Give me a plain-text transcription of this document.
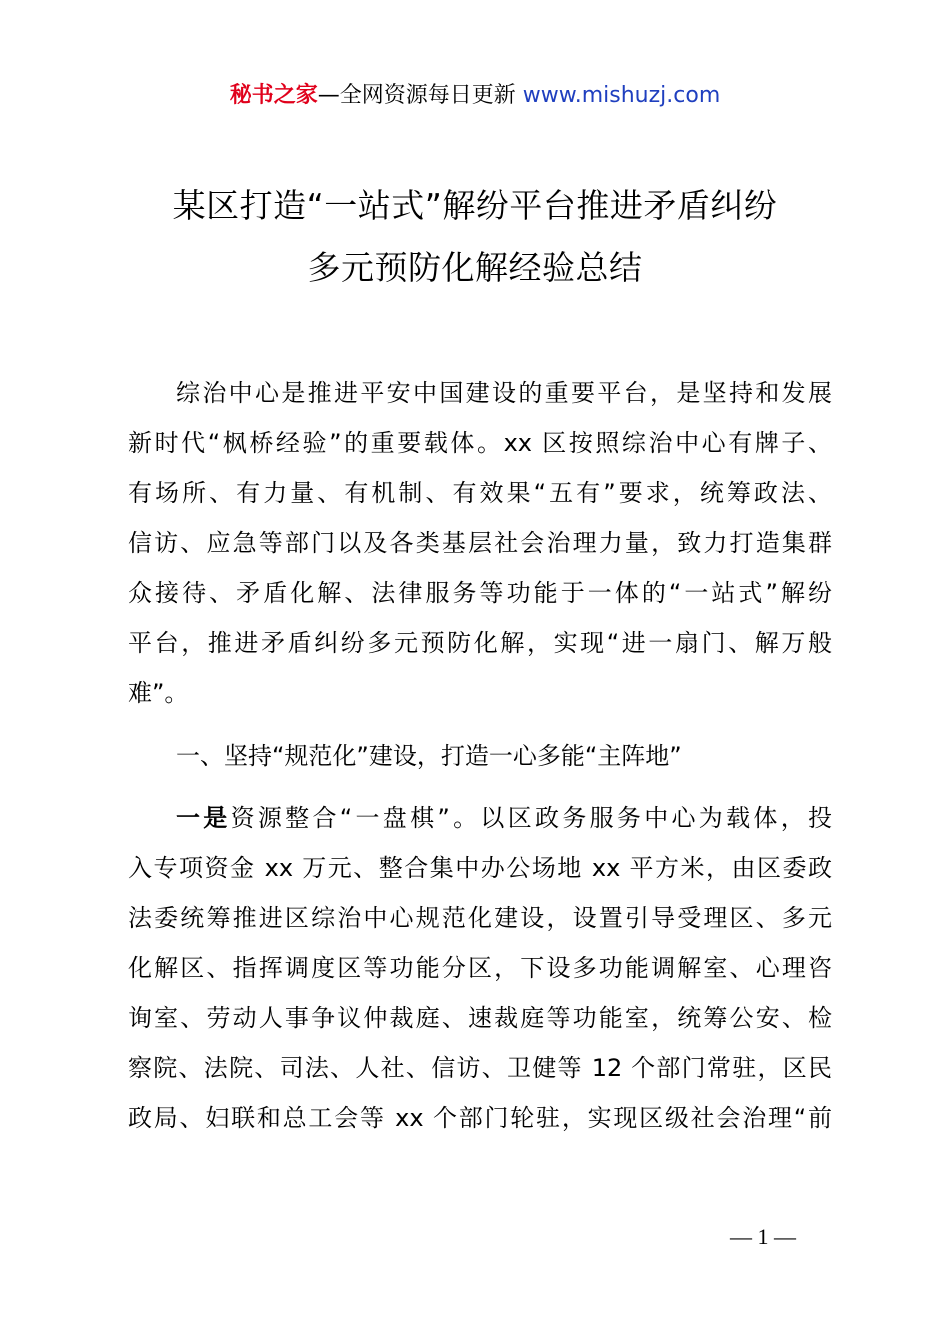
秘书之家—全网资源每日更新 www.mishuzj.com
某区打造“一站式”解纷平台推进矛盾纠纷
多元预防化解经验总结
综治中心是推进平安中国建设的重要平台，是坚持和发展
新时代“枫桥经验”的重要载体。xx 区按照综治中心有牌子、
有场所、有力量、有机制、有效果“五有”要求，统筹政法、
信访、应急等部门以及各类基层社会治理力量，致力打造集群
众接待、矛盾化解、法律服务等功能于一体的“一站式”解纷
平台，推进矛盾纠纷多元预防化解，实现“进一扇门、解万般
难”。
一、坚持“规范化”建设，打造一心多能“主阵地”
一是资源整合“一盘棋”。以区政务服务中心为载体，投
入专项资金 xx 万元、整合集中办公场地 xx 平方米，由区委政
法委统筹推进区综治中心规范化建设，设置引导受理区、多元
化解区、指挥调度区等功能分区，下设多功能调解室、心理咨
询室、劳动人事争议仲裁庭、速裁庭等功能室，统筹公安、检
察院、法院、司法、人社、信访、卫健等 12 个部门常驻，区民
政局、妇联和总工会等 xx 个部门轮驻，实现区级社会治理“前
— 1 —
